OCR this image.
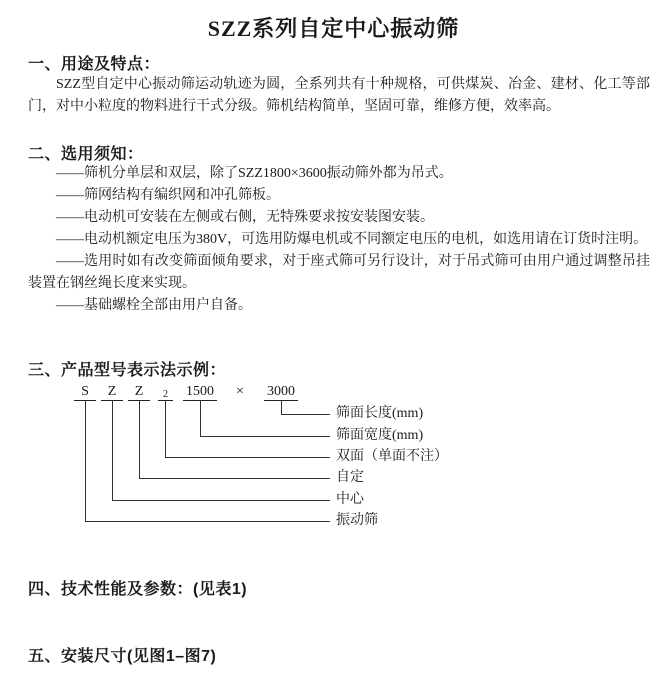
SZZ系列自定中心振动筛
一、用途及特点：
SZZ型自定中心振动筛运动轨迹为圆，全系列共有十种规格，可供煤炭、冶金、建材、化工等部门，对中小粒度的物料进行干式分级。筛机结构简单，坚固可靠，维修方便，效率高。
二、选用须知：
——筛机分单层和双层，除了SZZ1800×3600振动筛外都为吊式。
——筛网结构有编织网和冲孔筛板。
——电动机可安装在左侧或右侧，无特殊要求按安装图安装。
——电动机额定电压为380V，可选用防爆电机或不同额定电压的电机，如选用请在订货时注明。
——选用时如有改变筛面倾角要求，对于座式筛可另行设计，对于吊式筛可由用户通过调整吊挂装置在钢丝绳长度来实现。
——基础螺栓全部由用户自备。
三、产品型号表示法示例：
S	Z	Z	2	1500	×	3000
筛面长度(mm)
筛面宽度(mm)
双面（单面不注）
自定
中心
振动筛
四、技术性能及参数：(见表1)
五、安装尺寸(见图1–图7)
